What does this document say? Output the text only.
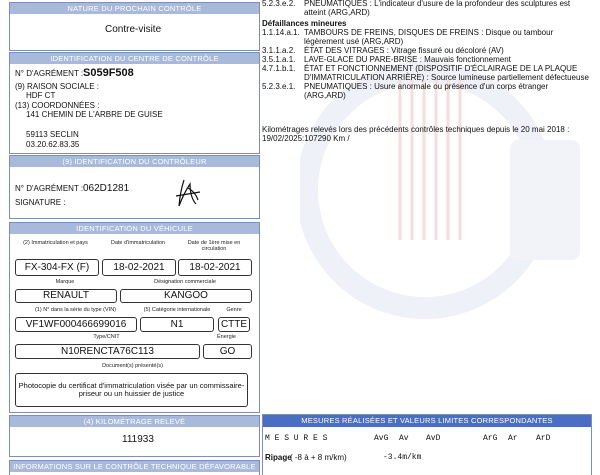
NATURE DU PROCHAIN CONTRÔLE
Contre-visite
IDENTIFICATION DU CENTRE DE CONTRÔLE
N° D'AGRÉMENT : S059F508
(9) RAISON SOCIALE :
HDF CT
(13) COORDONNÉES :
141 CHEMIN DE L'ARBRE DE GUISE
59113 SECLIN
03.20.62.83.35
(9) IDENTIFICATION DU CONTRÔLEUR
N° D'AGRÉMENT : 062D1281
SIGNATURE :
IDENTIFICATION DU VÉHICULE
(2) Immatriculation et pays	Date d'immatriculation	Date de 1ère mise en circulation
FX-304-FX (F)	18-02-2021	18-02-2021
Marque	Désignation commerciale
RENAULT	KANGOO
(1) N° dans la série du type (VIN)	(5) Catégorie internationale	Genre
VF1WF000466699016	N1	CTTE
Type/CNIT	Énergie
N10RENCTA76C113	GO
Document(s) présenté(s)
Photocopie du certificat d'immatriculation visée par un commissaire-priseur ou un huissier de justice
(4) KILOMÉTRAGE RELEVÉ
111933
INFORMATIONS SUR LE CONTRÔLE TECHNIQUE DÉFAVORABLE
5.2.3.e.2. PNEUMATIQUES : L'indicateur d'usure de la profondeur des sculptures est atteint (ARG,ARD)
Défaillances mineures
1.1.14.a.1. TAMBOURS DE FREINS, DISQUES DE FREINS : Disque ou tambour légèrement usé (ARG,ARD)
3.1.1.a.2.	ÉTAT DES VITRAGES : Vitrage fissuré ou décoloré (AV)
3.5.1.a.1.	LAVE-GLACE DU PARE-BRISE : Mauvais fonctionnement
4.7.1.b.1.	ÉTAT ET FONCTIONNEMENT (DISPOSITIF D'ÉCLAIRAGE DE LA PLAQUE D'IMMATRICULATION ARRIÈRE) : Source lumineuse partiellement défectueuse
5.2.3.e.1.	PNEUMATIQUES : Usure anormale ou présence d'un corps étranger (ARG,ARD)
Kilométrages relevés lors des précédents contrôles techniques depuis le 20 mai 2018 : 19/02/2025:107290 Km /
MESURES RÉALISÉES ET VALEURS LIMITES CORRESPONDANTES
M E S U R E S	AvG Av AvD	ArG Ar ArD
Ripage
( -8 à + 8 m/km)	-3.4m/km
